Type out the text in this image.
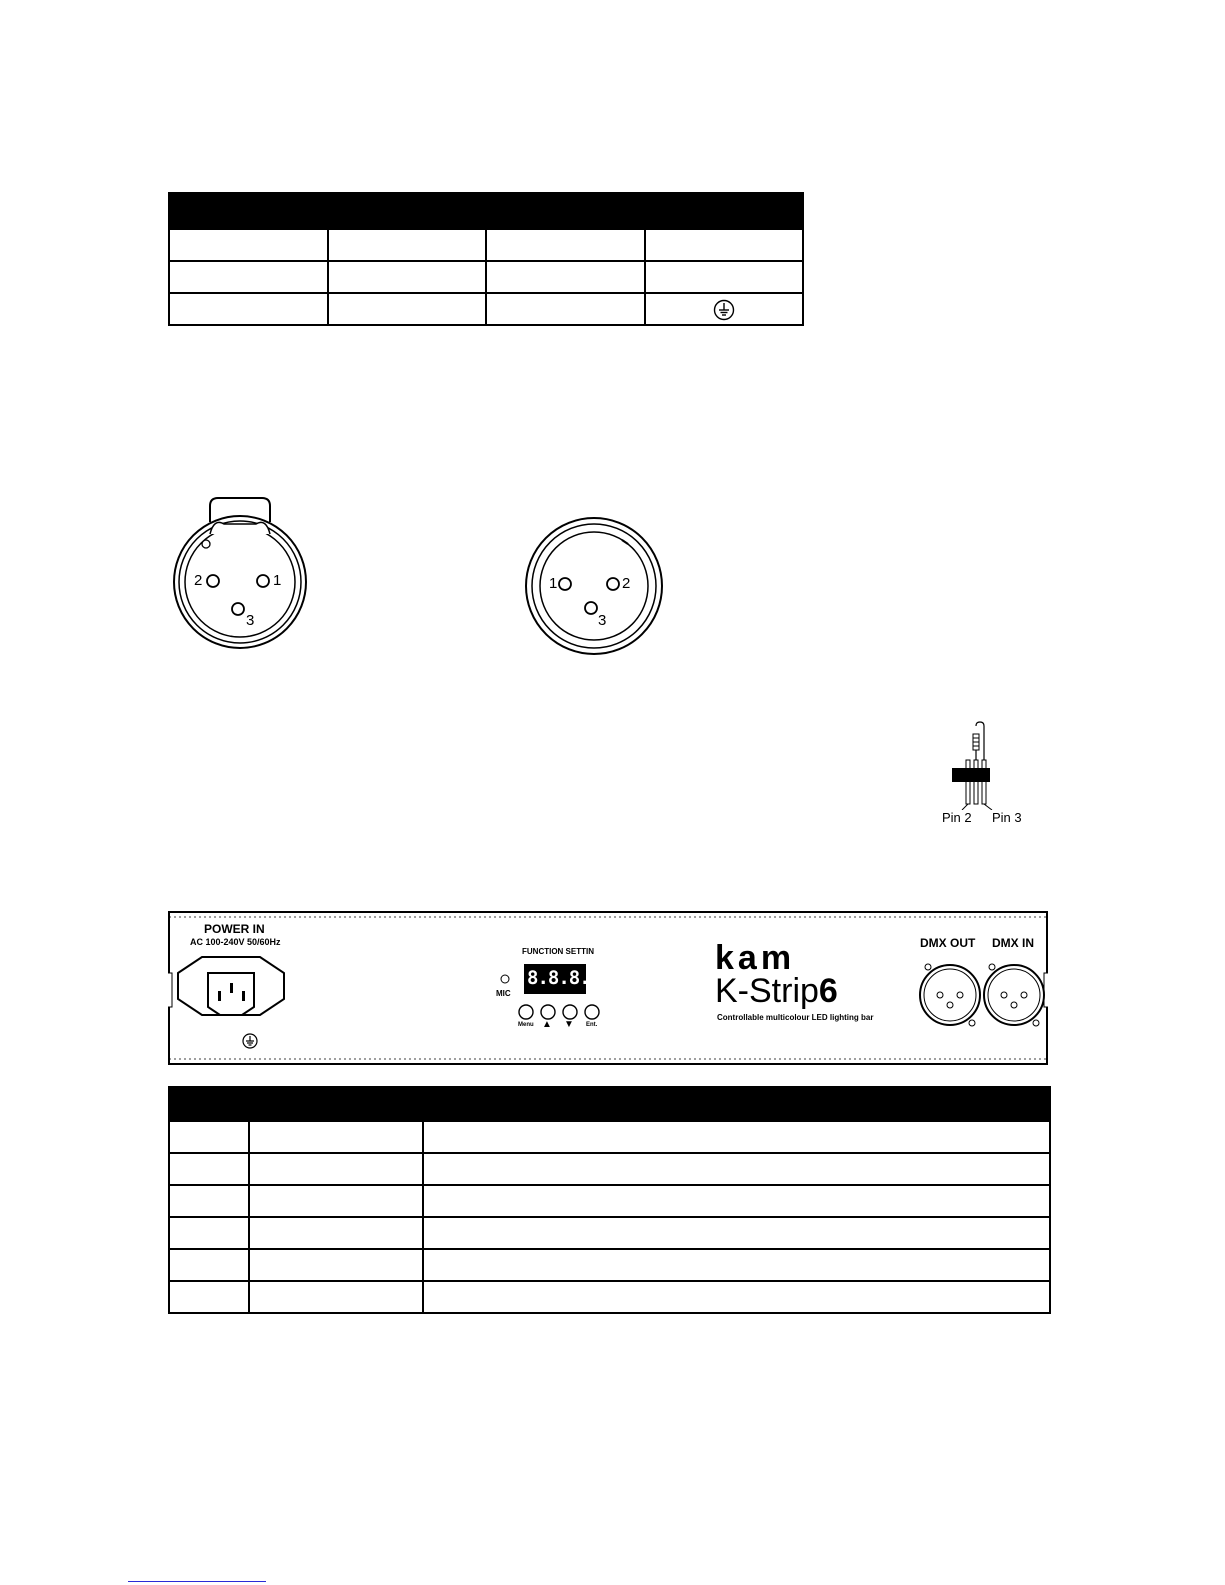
2	1
3
1	2
3
Pin 2 Pin 3
POWER IN
AC 100-240V 50/60Hz
FUNCTION SETTIN
8.8.8.8
MIC
Menu ▲ ▼ Ent.
kam
K-Strip6
Controllable multicolour LED lighting bar
DMX OUT DMX IN
